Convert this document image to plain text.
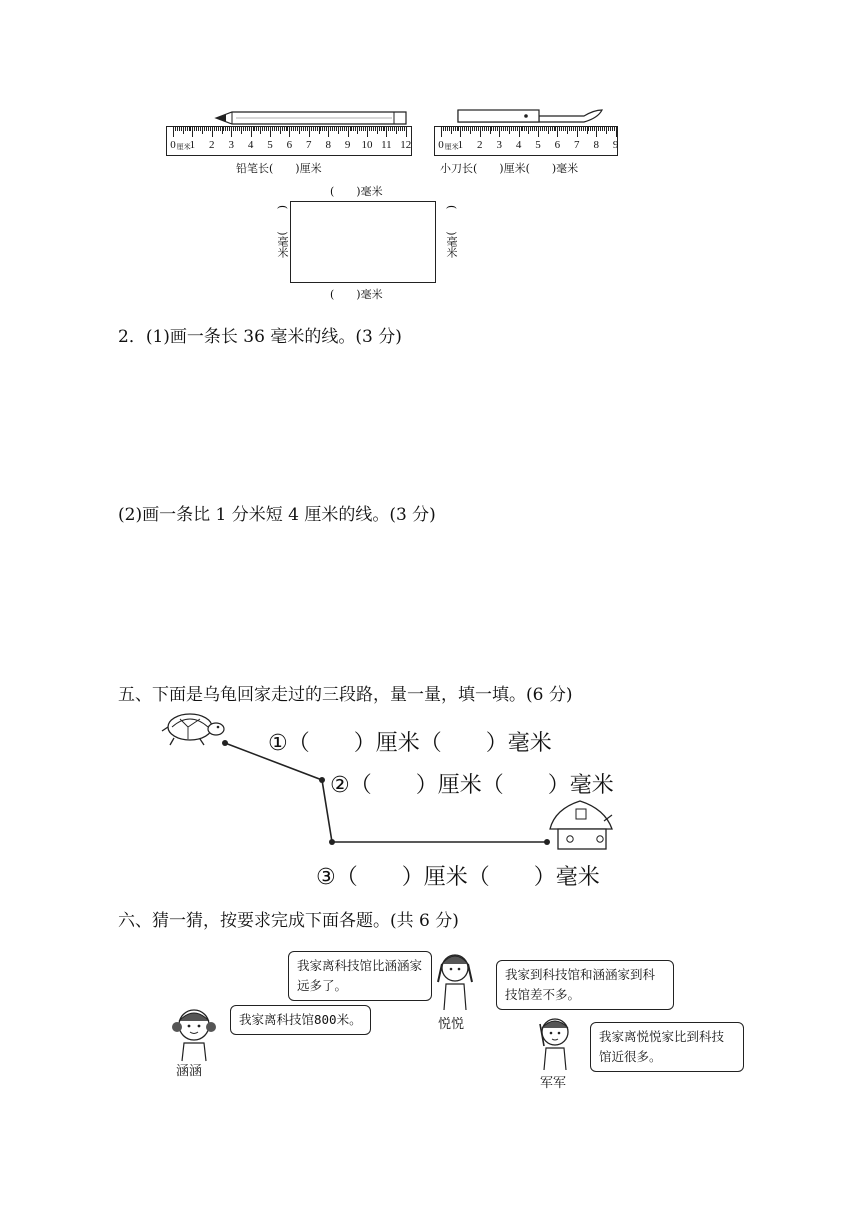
0 1 2 3 4 5 6 7 8 9 10 11 12
厘米
铅笔长(　　)厘米
0 1 2 3 4 5 6 7 8 9
厘米
小刀长(　　)厘米(　　)毫米
(　　)毫米
(　　)毫米	(　　)毫米
(　　)毫米
2．(1)画一条长 36 毫米的线。(3 分)
(2)画一条比 1 分米短 4 厘米的线。(3 分)
五、下面是乌龟回家走过的三段路，量一量，填一填。(6 分)
①（　　）厘米（　　）毫米
②（　　）厘米（　　）毫米
③（　　）厘米（　　）毫米
六、猜一猜，按要求完成下面各题。(共 6 分)
涵涵
我家离科技馆800米。
我家离科技馆比涵涵家远多了。
悦悦
我家到科技馆和涵涵家到科技馆差不多。
军军
我家离悦悦家比到科技馆近很多。
